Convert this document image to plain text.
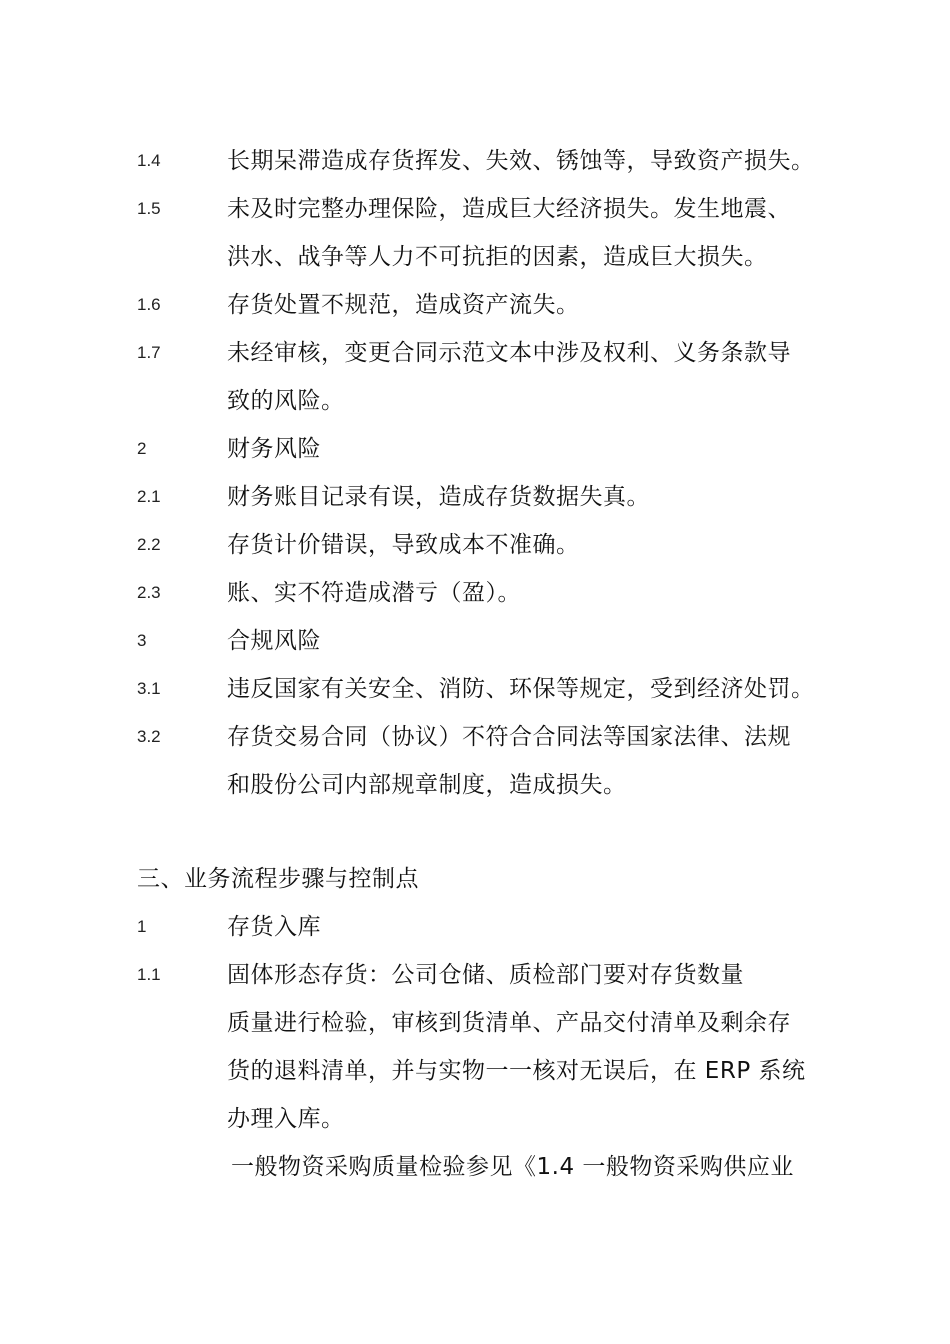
1.4	长期呆滞造成存货挥发、失效、锈蚀等，导致资产损失。
1.5	未及时完整办理保险，造成巨大经济损失。发生地震、
洪水、战争等人力不可抗拒的因素，造成巨大损失。
1.6	存货处置不规范，造成资产流失。
1.7	未经审核，变更合同示范文本中涉及权利、义务条款导
致的风险。
2	财务风险
2.1	财务账目记录有误，造成存货数据失真。
2.2	存货计价错误，导致成本不准确。
2.3	账、实不符造成潜亏（盈）。
3	合规风险
3.1	违反国家有关安全、消防、环保等规定，受到经济处罚。
3.2	存货交易合同（协议）不符合合同法等国家法律、法规
和股份公司内部规章制度，造成损失。
三、业务流程步骤与控制点
1	存货入库
1.1	固体形态存货：公司仓储、质检部门要对存货数量
质量进行检验，审核到货清单、产品交付清单及剩余存
货的退料清单，并与实物一一核对无误后，在 ERP 系统
办理入库。
一般物资采购质量检验参见《1.4 一般物资采购供应业
